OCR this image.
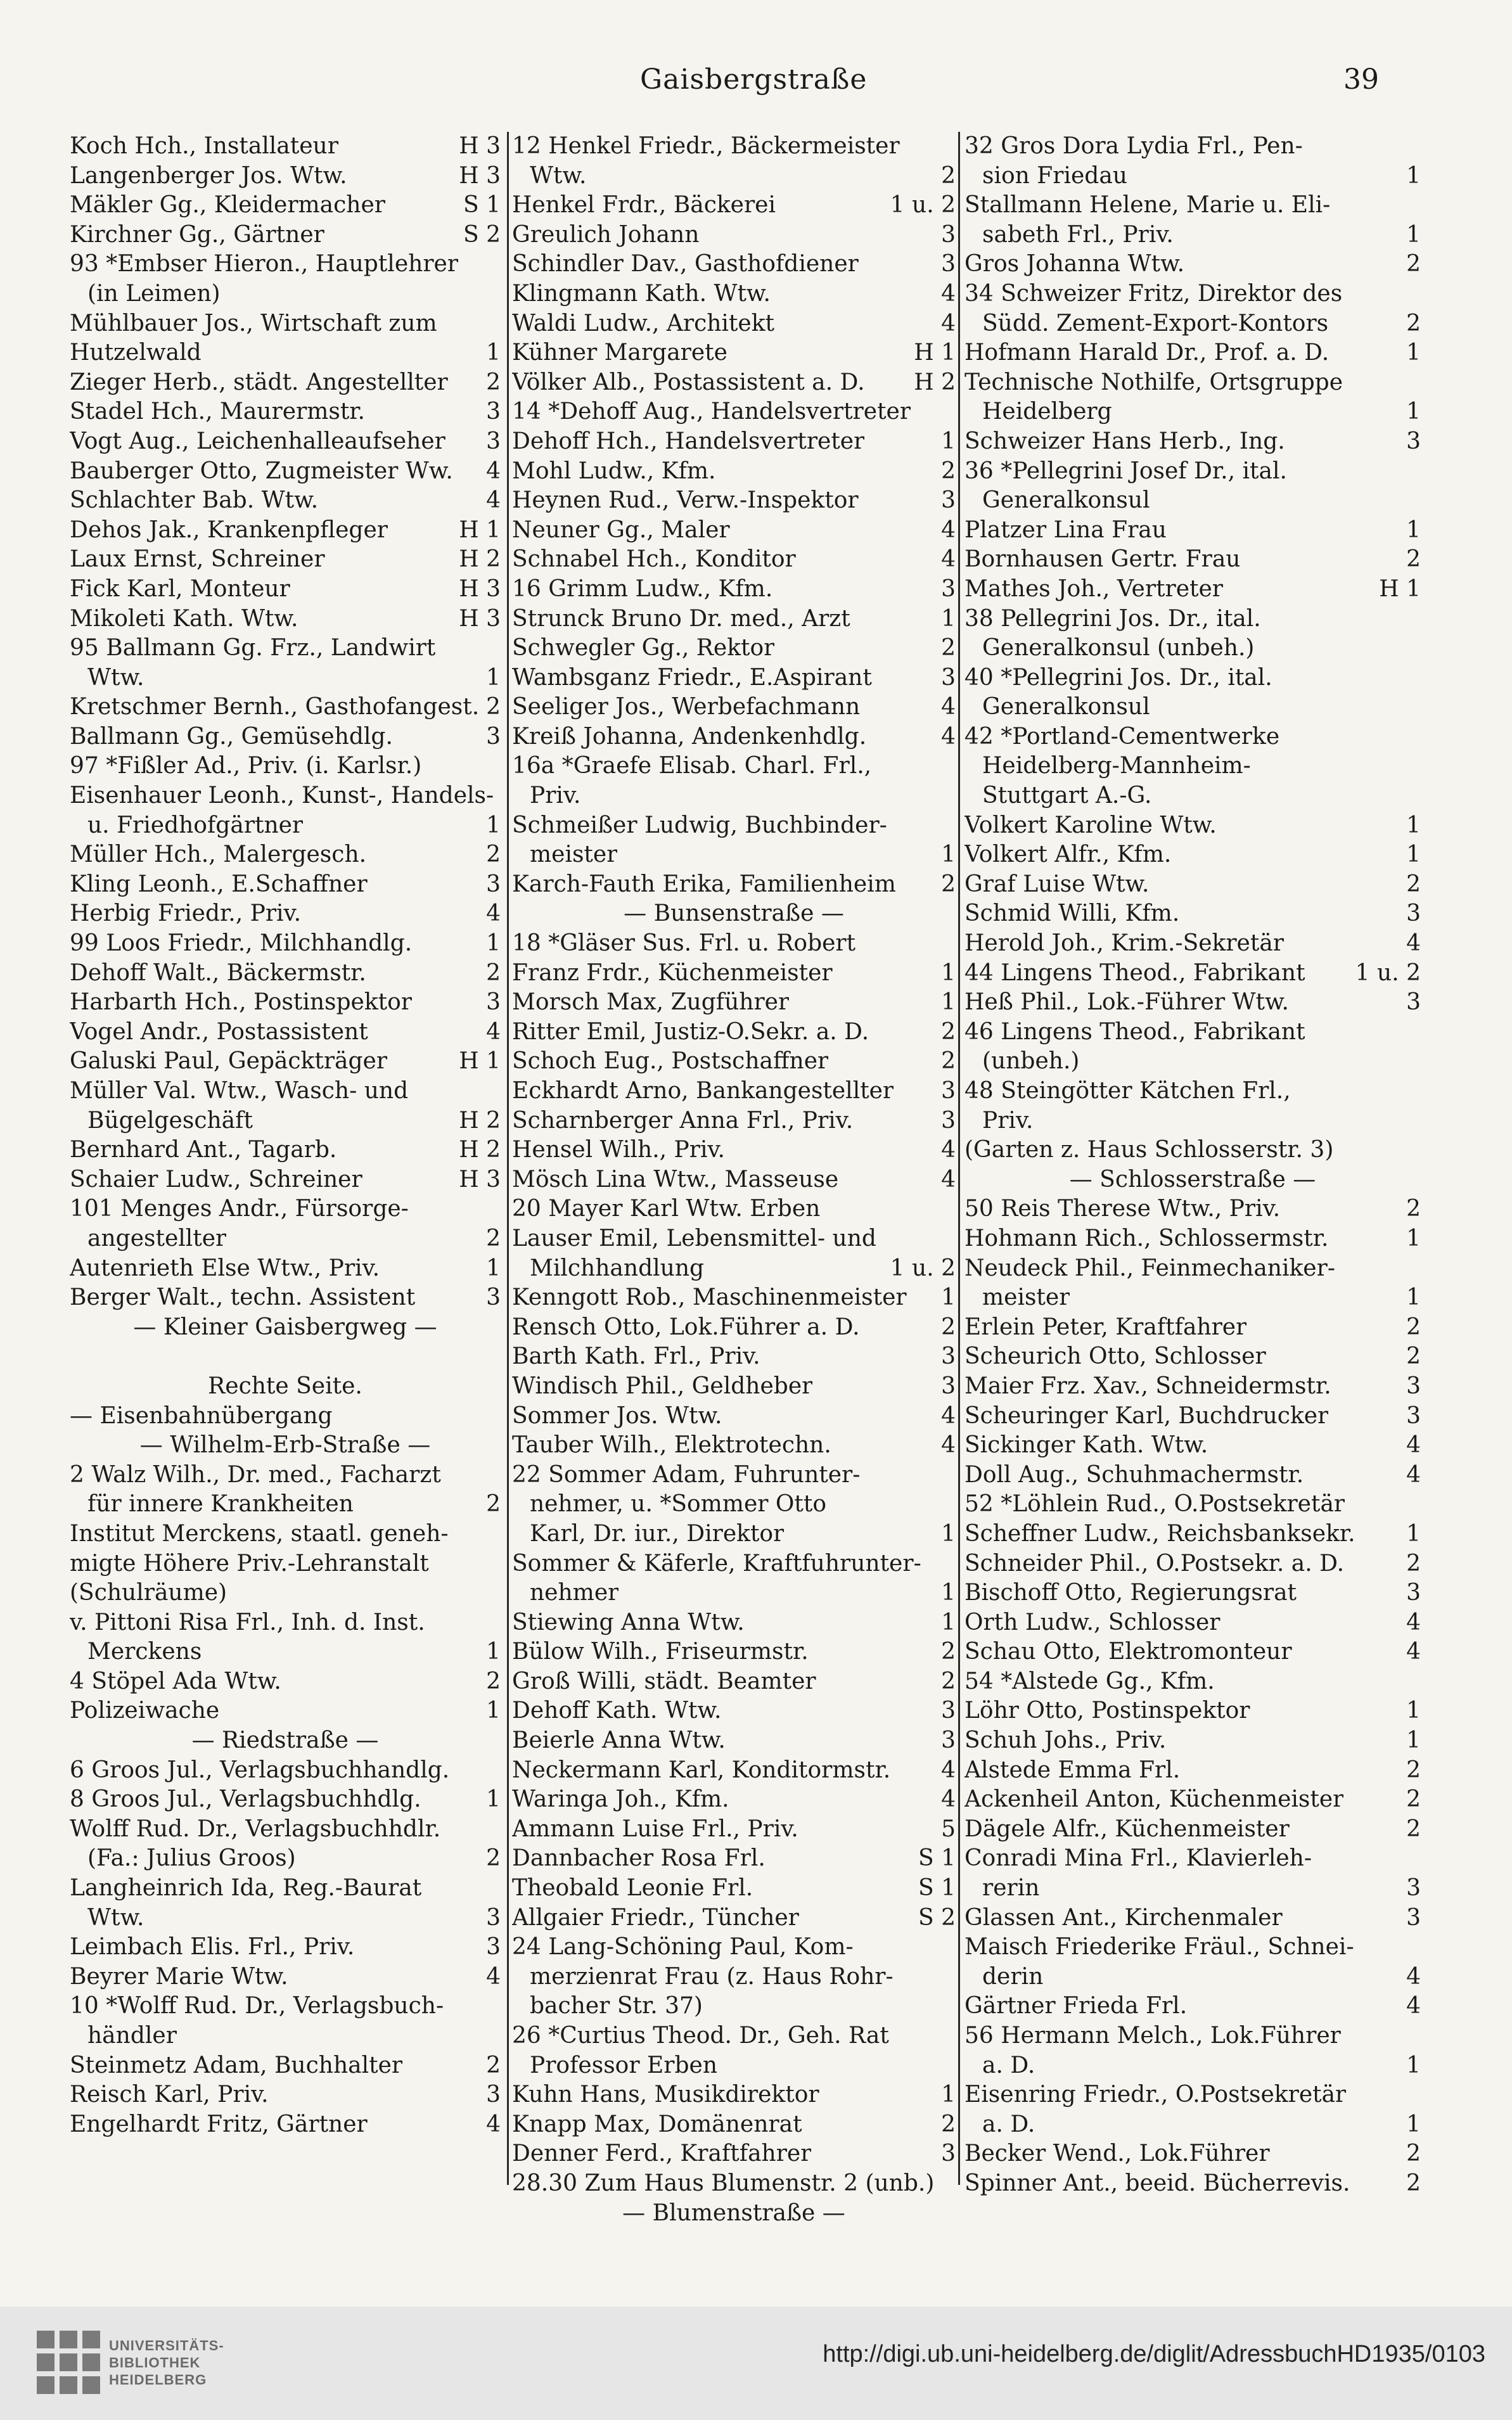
Gaisbergstraße	39
Koch Hch., Installateur	H 3
Langenberger Jos. Wtw.	H 3
Mäkler Gg., Kleidermacher	S 1
Kirchner Gg., Gärtner	S 2
93 *Embser Hieron., Hauptlehrer
(in Leimen)
Mühlbauer Jos., Wirtschaft zum
Hutzelwald	1
Zieger Herb., städt. Angestellter 2
Stadel Hch., Maurermstr.	3
Vogt Aug., Leichenhalleaufseher 3
Bauberger Otto, Zugmeister Ww. 4
Schlachter Bab. Wtw.	4
Dehos Jak., Krankenpfleger	H 1
Laux Ernst, Schreiner	H 2
Fick Karl, Monteur	H 3
Mikoleti Kath. Wtw.	H 3
95 Ballmann Gg. Frz., Landwirt
Wtw.	1
Kretschmer Bernh., Gasthofangest. 2
Ballmann Gg., Gemüsehdlg.	3
97 *Fißler Ad., Priv. (i. Karlsr.)
Eisenhauer Leonh., Kunst-, Handels-
u. Friedhofgärtner	1
Müller Hch., Malergesch.	2
Kling Leonh., E.Schaffner	3
Herbig Friedr., Priv.	4
99 Loos Friedr., Milchhandlg.	1
Dehoff Walt., Bäckermstr.	2
Harbarth Hch., Postinspektor	3
Vogel Andr., Postassistent	4
Galuski Paul, Gepäckträger	H 1
Müller Val. Wtw., Wasch- und
Bügelgeschäft	H 2
Bernhard Ant., Tagarb.	H 2
Schaier Ludw., Schreiner	H 3
101 Menges Andr., Fürsorge-
angestellter	2
Autenrieth Else Wtw., Priv.	1
Berger Walt., techn. Assistent	3
— Kleiner Gaisbergweg —
Rechte Seite.
— Eisenbahnübergang
— Wilhelm-Erb-Straße —
2 Walz Wilh., Dr. med., Facharzt
für innere Krankheiten	2
Institut Merckens, staatl. geneh-
migte Höhere Priv.-Lehranstalt
(Schulräume)
v. Pittoni Risa Frl., Inh. d. Inst.
Merckens	1
4 Stöpel Ada Wtw.	2
Polizeiwache	1
— Riedstraße —
6 Groos Jul., Verlagsbuchhandlg.
8 Groos Jul., Verlagsbuchhdlg.	1
Wolff Rud. Dr., Verlagsbuchhdlr.
(Fa.: Julius Groos)	2
Langheinrich Ida, Reg.-Baurat
Wtw.	3
Leimbach Elis. Frl., Priv.	3
Beyrer Marie Wtw.	4
10 *Wolff Rud. Dr., Verlagsbuch-
händler
Steinmetz Adam, Buchhalter	2
Reisch Karl, Priv.	3
Engelhardt Fritz, Gärtner	4
12 Henkel Friedr., Bäckermeister
Wtw.	2
Henkel Frdr., Bäckerei	1 u. 2
Greulich Johann	3
Schindler Dav., Gasthofdiener	3
Klingmann Kath. Wtw.	4
Waldi Ludw., Architekt	4
Kühner Margarete	H 1
Völker Alb., Postassistent a. D. H 2
14 *Dehoff Aug., Handelsvertreter
Dehoff Hch., Handelsvertreter	1
Mohl Ludw., Kfm.	2
Heynen Rud., Verw.-Inspektor	3
Neuner Gg., Maler	4
Schnabel Hch., Konditor	4
16 Grimm Ludw., Kfm.	3
Strunck Bruno Dr. med., Arzt	1
Schwegler Gg., Rektor	2
Wambsganz Friedr., E.Aspirant	3
Seeliger Jos., Werbefachmann	4
Kreiß Johanna, Andenkenhdlg.	4
16a *Graefe Elisab. Charl. Frl.,
Priv.
Schmeißer Ludwig, Buchbinder-
meister	1
Karch-Fauth Erika, Familienheim 2
— Bunsenstraße —
18 *Gläser Sus. Frl. u. Robert
Franz Frdr., Küchenmeister	1
Morsch Max, Zugführer	1
Ritter Emil, Justiz-O.Sekr. a. D.	2
Schoch Eug., Postschaffner	2
Eckhardt Arno, Bankangestellter 3
Scharnberger Anna Frl., Priv.	3
Hensel Wilh., Priv.	4
Mösch Lina Wtw., Masseuse	4
20 Mayer Karl Wtw. Erben
Lauser Emil, Lebensmittel- und
Milchhandlung	1 u. 2
Kenngott Rob., Maschinenmeister 1
Rensch Otto, Lok.Führer a. D.	2
Barth Kath. Frl., Priv.	3
Windisch Phil., Geldheber	3
Sommer Jos. Wtw.	4
Tauber Wilh., Elektrotechn.	4
22 Sommer Adam, Fuhrunter-
nehmer, u. *Sommer Otto
Karl, Dr. iur., Direktor	1
Sommer & Käferle, Kraftfuhrunter-
nehmer	1
Stiewing Anna Wtw.	1
Bülow Wilh., Friseurmstr.	2
Groß Willi, städt. Beamter	2
Dehoff Kath. Wtw.	3
Beierle Anna Wtw.	3
Neckermann Karl, Konditormstr. 4
Waringa Joh., Kfm.	4
Ammann Luise Frl., Priv.	5
Dannbacher Rosa Frl.	S 1
Theobald Leonie Frl.	S 1
Allgaier Friedr., Tüncher	S 2
24 Lang-Schöning Paul, Kom-
merzienrat Frau (z. Haus Rohr-
bacher Str. 37)
26 *Curtius Theod. Dr., Geh. Rat
Professor Erben
Kuhn Hans, Musikdirektor	1
Knapp Max, Domänenrat	2
Denner Ferd., Kraftfahrer	3
28.30 Zum Haus Blumenstr. 2 (unb.)
— Blumenstraße —
32 Gros Dora Lydia Frl., Pen-
sion Friedau	1
Stallmann Helene, Marie u. Eli-
sabeth Frl., Priv.	1
Gros Johanna Wtw.	2
34 Schweizer Fritz, Direktor des
Südd. Zement-Export-Kontors	2
Hofmann Harald Dr., Prof. a. D.	1
Technische Nothilfe, Ortsgruppe
Heidelberg	1
Schweizer Hans Herb., Ing.	3
36 *Pellegrini Josef Dr., ital.
Generalkonsul
Platzer Lina Frau	1
Bornhausen Gertr. Frau	2
Mathes Joh., Vertreter	H 1
38 Pellegrini Jos. Dr., ital.
Generalkonsul (unbeh.)
40 *Pellegrini Jos. Dr., ital.
Generalkonsul
42 *Portland-Cementwerke
Heidelberg-Mannheim-
Stuttgart A.-G.
Volkert Karoline Wtw.	1
Volkert Alfr., Kfm.	1
Graf Luise Wtw.	2
Schmid Willi, Kfm.	3
Herold Joh., Krim.-Sekretär	4
44 Lingens Theod., Fabrikant 1 u. 2
Heß Phil., Lok.-Führer Wtw.	3
46 Lingens Theod., Fabrikant
(unbeh.)
48 Steingötter Kätchen Frl.,
Priv.
(Garten z. Haus Schlosserstr. 3)
— Schlosserstraße —
50 Reis Therese Wtw., Priv.	2
Hohmann Rich., Schlossermstr.	1
Neudeck Phil., Feinmechaniker-
meister	1
Erlein Peter, Kraftfahrer	2
Scheurich Otto, Schlosser	2
Maier Frz. Xav., Schneidermstr.	3
Scheuringer Karl, Buchdrucker	3
Sickinger Kath. Wtw.	4
Doll Aug., Schuhmachermstr.	4
52 *Löhlein Rud., O.Postsekretär
Scheffner Ludw., Reichsbanksekr. 1
Schneider Phil., O.Postsekr. a. D.	2
Bischoff Otto, Regierungsrat	3
Orth Ludw., Schlosser	4
Schau Otto, Elektromonteur	4
54 *Alstede Gg., Kfm.
Löhr Otto, Postinspektor	1
Schuh Johs., Priv.	1
Alstede Emma Frl.	2
Ackenheil Anton, Küchenmeister	2
Dägele Alfr., Küchenmeister	2
Conradi Mina Frl., Klavierleh-
rerin	3
Glassen Ant., Kirchenmaler	3
Maisch Friederike Fräul., Schnei-
derin	4
Gärtner Frieda Frl.	4
56 Hermann Melch., Lok.Führer
a. D.	1
Eisenring Friedr., O.Postsekretär
a. D.	1
Becker Wend., Lok.Führer	2
Spinner Ant., beeid. Bücherrevis. 2
UNIVERSITÄTS-
BIBLIOTHEK
HEIDELBERG
http://digi.ub.uni-heidelberg.de/diglit/AdressbuchHD1935/0103
